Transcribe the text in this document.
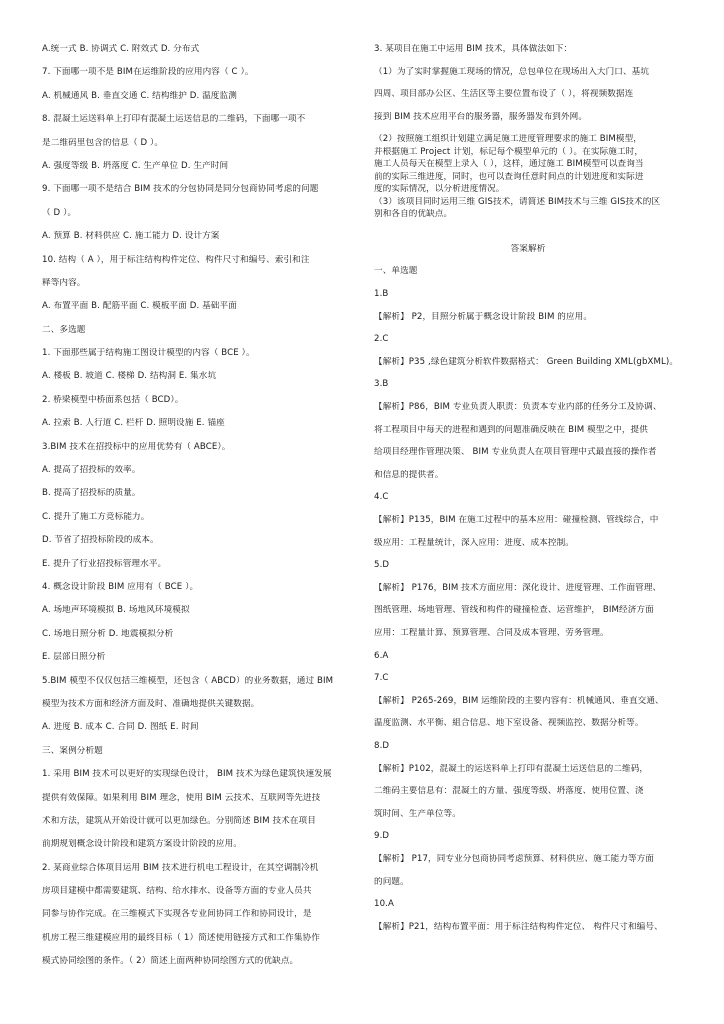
A.统一式 B. 协调式 C. 附效式 D. 分布式
7. 下面哪一项不是 BIM在运维阶段的应用内容（ C ）。
A. 机械通风 B. 垂直交通 C. 结构维护 D. 温度监测
8. 混凝土运送料单上打印有混凝土运送信息的二维码，下面哪一项不
是二维码里包含的信息（ D ）。
A. 强度等级 B. 坍落度 C. 生产单位 D. 生产时间
9. 下面哪一项不是结合 BIM 技术的分包协同是同分包商协同考虑的问题
（ D ）。
A. 预算 B. 材料供应 C. 施工能力 D. 设计方案
10. 结构（ A ），用于标注结构构件定位、构件尺寸和编号、索引和注
释等内容。
A. 布置平面 B. 配筋平面 C. 模板平面 D. 基础平面
二、多选题
1. 下面那些属于结构施工图设计模型的内容（ BCE ）。
A. 楼板 B. 坡道 C. 楼梯 D. 结构洞 E. 集水坑
2. 桥梁模型中桥面系包括（ BCD）。
A. 拉索 B. 人行道 C. 栏杆 D. 照明设施 E. 锚座
3.BIM 技术在招投标中的应用优势有（ ABCE）。
A. 提高了招投标的效率。
B. 提高了招投标的质量。
C. 提升了施工方竞标能力。
D. 节省了招投标阶段的成本。
E. 提升了行业招投标管理水平。
4. 概念设计阶段 BIM 应用有（ BCE ）。
A. 场地声环境模拟 B. 场地风环境模拟
C. 场地日照分析 D. 地震模拟分析
E. 层部日照分析
5.BIM 模型不仅仅包括三维模型，还包含（ ABCD）的业务数据，通过 BIM
模型为技术方面和经济方面及时、准确地提供关键数据。
A. 进度 B. 成本 C. 合同 D. 图纸 E. 时间
三、案例分析题
1. 采用 BIM 技术可以更好的实现绿色设计， BIM 技术为绿色建筑快速发展
提供有效保障。如果利用 BIM 理念，使用 BIM 云技术、互联网等先进技
术和方法，建筑从开始设计就可以更加绿色。分别简述 BIM 技术在项目
前期规划概念设计阶段和建筑方案设计阶段的应用。
2. 某商业综合体项目运用 BIM 技术进行机电工程设计，在其空调制冷机
房项目建模中都需要建筑、结构、给水排水、设备等方面的专业人员共
同参与协作完成。在三维模式下实现各专业间协同工作和协同设计，是
机房工程三维建模应用的最终目标（ 1）简述使用链接方式和工作集协作
模式协同绘图的条件。（ 2）简述上面两种协同绘图方式的优缺点。
3. 某项目在施工中运用 BIM 技术，具体做法如下：
（1）为了实时掌握施工现场的情况，总包单位在现场出入大门口、基坑
四周、项目部办公区、生活区等主要位置布设了（ ），将视频数据连
接到 BIM 技术应用平台的服务器，服务器发布到外网。
（2）按照施工组织计划建立满足施工进度管理要求的施工 BIM模型，
并根据施工 Project 计划，标记每个模型单元的（ ）。在实际施工时，
施工人员每天在模型上录入（ ），这样，通过施工 BIM模型可以查询当
前的实际三维进度，同时，也可以查询任意时间点的计划进度和实际进
度的实际情况，以分析进度情况。
（3）该项目同时运用三维 GIS技术，请简述 BIM技术与三维 GIS技术的区
别和各自的优缺点。
答案解析
一、单选题
1.B
【解析】 P2，目照分析属于概念设计阶段 BIM 的应用。
2.C
【解析】P35 ,绿色建筑分析软件数据格式： Green Building XML(gbXML)。
3.B
【解析】P86，BIM 专业负责人职责：负责本专业内部的任务分工及协调、
将工程项目中每天的进程和遇到的问题准确反映在 BIM 模型之中，提供
给项目经理作管理决策、 BIM 专业负责人在项目管理中式最直接的操作者
和信息的提供者。
4.C
【解析】P135，BIM 在施工过程中的基本应用：碰撞检测、管线综合，中
级应用：工程量统计，深入应用：进度、成本控制。
5.D
【解析】 P176，BIM 技术方面应用：深化设计、进度管理、工作面管理、
图纸管理、场地管理、管线和构件的碰撞检查、运营维护， BIM经济方面
应用：工程量计算、预算管理、合同及成本管理、劳务管理。
6.A
7.C
【解析】 P265-269，BIM 运维阶段的主要内容有：机械通风、垂直交通、
温度监测、水平衡、組合信息、地下室设备、视频监控、数据分析等。
8.D
【解析】P102，混凝土的运送料单上打印有混凝土运送信息的二维码，
二维码主要信息有：混凝土的方量、强度等级、坍落度、使用位置、浇
筑时间、生产单位等。
9.D
【解析】 P17，同专业分包商协同考虑预算、材料供应、施工能力等方面
的问题。
10.A
【解析】P21，结构布置平面：用于标注结构构件定位、 构件尺寸和编号、
